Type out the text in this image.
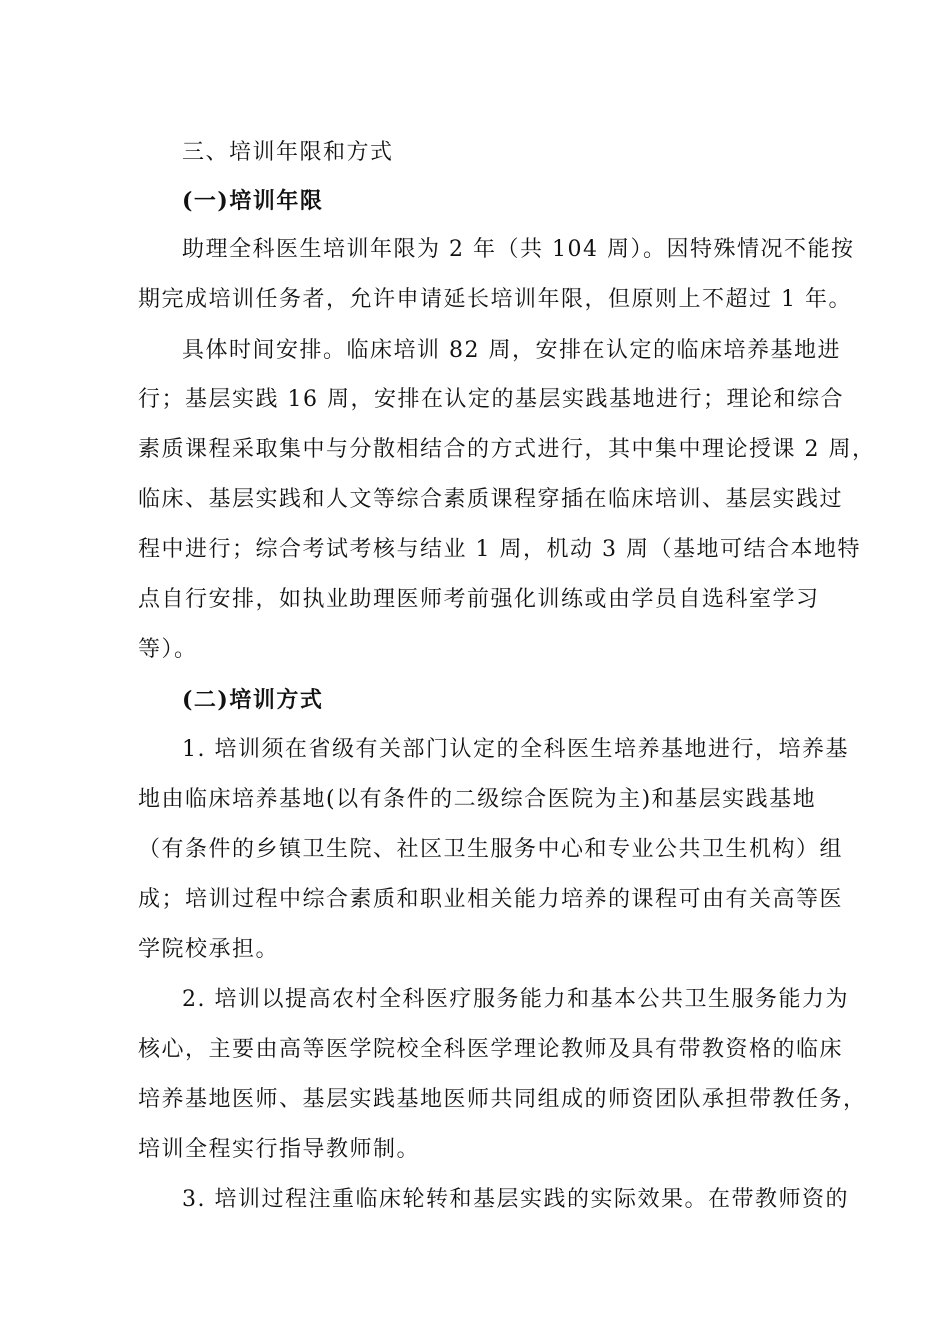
三、培训年限和方式
(一)培训年限
助理全科医生培训年限为 2 年（共 104 周）。因特殊情况不能按
期完成培训任务者，允许申请延长培训年限，但原则上不超过 1 年。
具体时间安排。临床培训 82 周，安排在认定的临床培养基地进
行；基层实践 16 周，安排在认定的基层实践基地进行；理论和综合
素质课程采取集中与分散相结合的方式进行，其中集中理论授课 2 周，
临床、基层实践和人文等综合素质课程穿插在临床培训、基层实践过
程中进行；综合考试考核与结业 1 周，机动 3 周（基地可结合本地特
点自行安排，如执业助理医师考前强化训练或由学员自选科室学习
等）。
(二)培训方式
1. 培训须在省级有关部门认定的全科医生培养基地进行，培养基
地由临床培养基地(以有条件的二级综合医院为主)和基层实践基地
（有条件的乡镇卫生院、社区卫生服务中心和专业公共卫生机构）组
成；培训过程中综合素质和职业相关能力培养的课程可由有关高等医
学院校承担。
2. 培训以提高农村全科医疗服务能力和基本公共卫生服务能力为
核心，主要由高等医学院校全科医学理论教师及具有带教资格的临床
培养基地医师、基层实践基地医师共同组成的师资团队承担带教任务，
培训全程实行指导教师制。
3. 培训过程注重临床轮转和基层实践的实际效果。在带教师资的
